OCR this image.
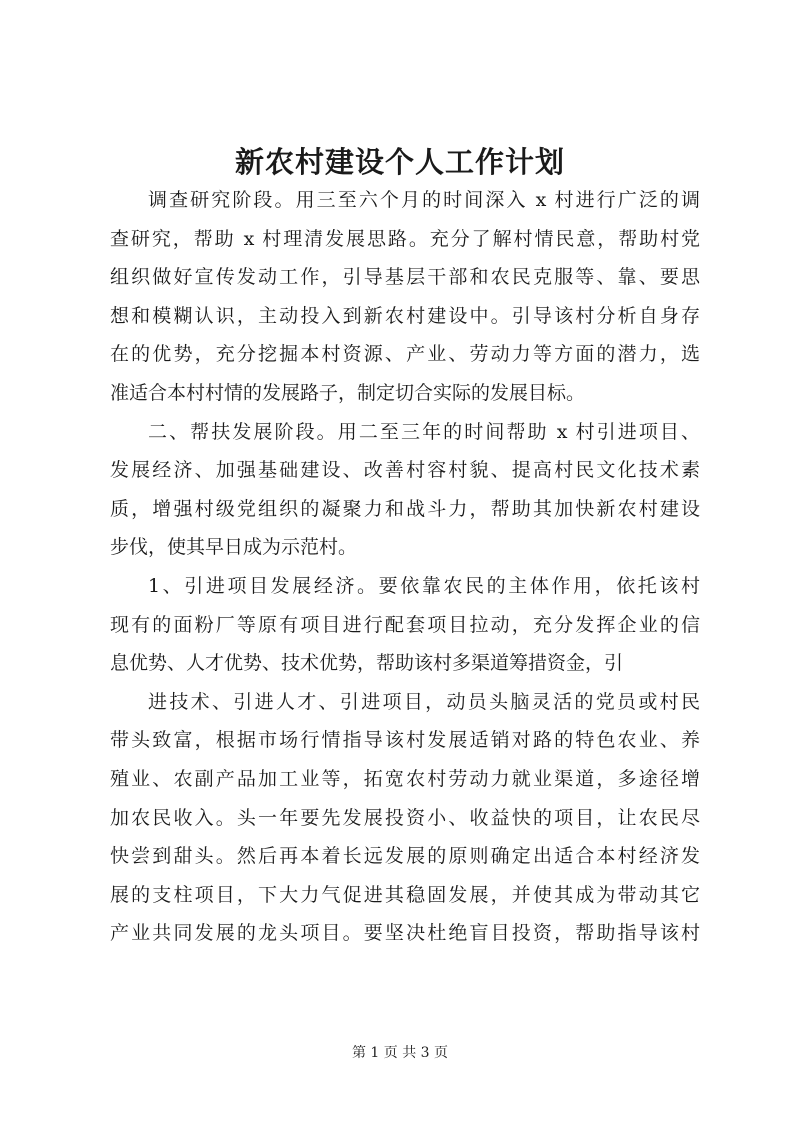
新农村建设个人工作计划
调查研究阶段。用三至六个月的时间深入 x 村进行广泛的调
查研究，帮助 x 村理清发展思路。充分了解村情民意，帮助村党
组织做好宣传发动工作，引导基层干部和农民克服等、靠、要思
想和模糊认识，主动投入到新农村建设中。引导该村分析自身存
在的优势，充分挖掘本村资源、产业、劳动力等方面的潜力，选
准适合本村村情的发展路子，制定切合实际的发展目标。
二、帮扶发展阶段。用二至三年的时间帮助 x 村引进项目、
发展经济、加强基础建设、改善村容村貌、提高村民文化技术素
质，增强村级党组织的凝聚力和战斗力，帮助其加快新农村建设
步伐，使其早日成为示范村。
1、引进项目发展经济。要依靠农民的主体作用，依托该村
现有的面粉厂等原有项目进行配套项目拉动，充分发挥企业的信
息优势、人才优势、技术优势，帮助该村多渠道筹措资金，引
进技术、引进人才、引进项目，动员头脑灵活的党员或村民
带头致富，根据市场行情指导该村发展适销对路的特色农业、养
殖业、农副产品加工业等，拓宽农村劳动力就业渠道，多途径增
加农民收入。头一年要先发展投资小、收益快的项目，让农民尽
快尝到甜头。然后再本着长远发展的原则确定出适合本村经济发
展的支柱项目，下大力气促进其稳固发展，并使其成为带动其它
产业共同发展的龙头项目。要坚决杜绝盲目投资，帮助指导该村
第 1 页 共 3 页
